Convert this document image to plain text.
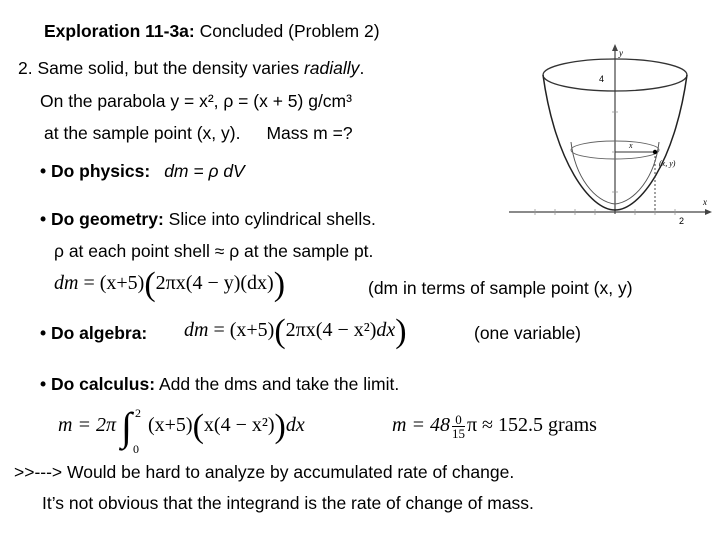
Exploration 11-3a: Concluded (Problem 2)
2. Same solid, but the density varies radially.
On the parabola y = x², ρ = (x + 5) g/cm³
at the sample point (x, y). Mass m =?
• Do physics: dm = ρ dV
• Do geometry: Slice into cylindrical shells.
ρ at each point shell ≈ ρ at the sample pt.
dm = (x+5)(2πx(4 − y)(dx))	(dm in terms of sample point (x, y)
• Do algebra: dm = (x+5)(2πx(4 − x²)dx)	(one variable)
• Do calculus: Add the dms and take the limit.
m = 2π ∫ 2
0
(x+5)(x(4 − x²))dx	$m = 48 \frac{0}{15}$ π ≈ 152.5 grams
>>---> Would be hard to analyze by accumulated rate of change.
It’s not obvious that the integrand is the rate of change of mass.
y
x
2
4
x
(x, y)
